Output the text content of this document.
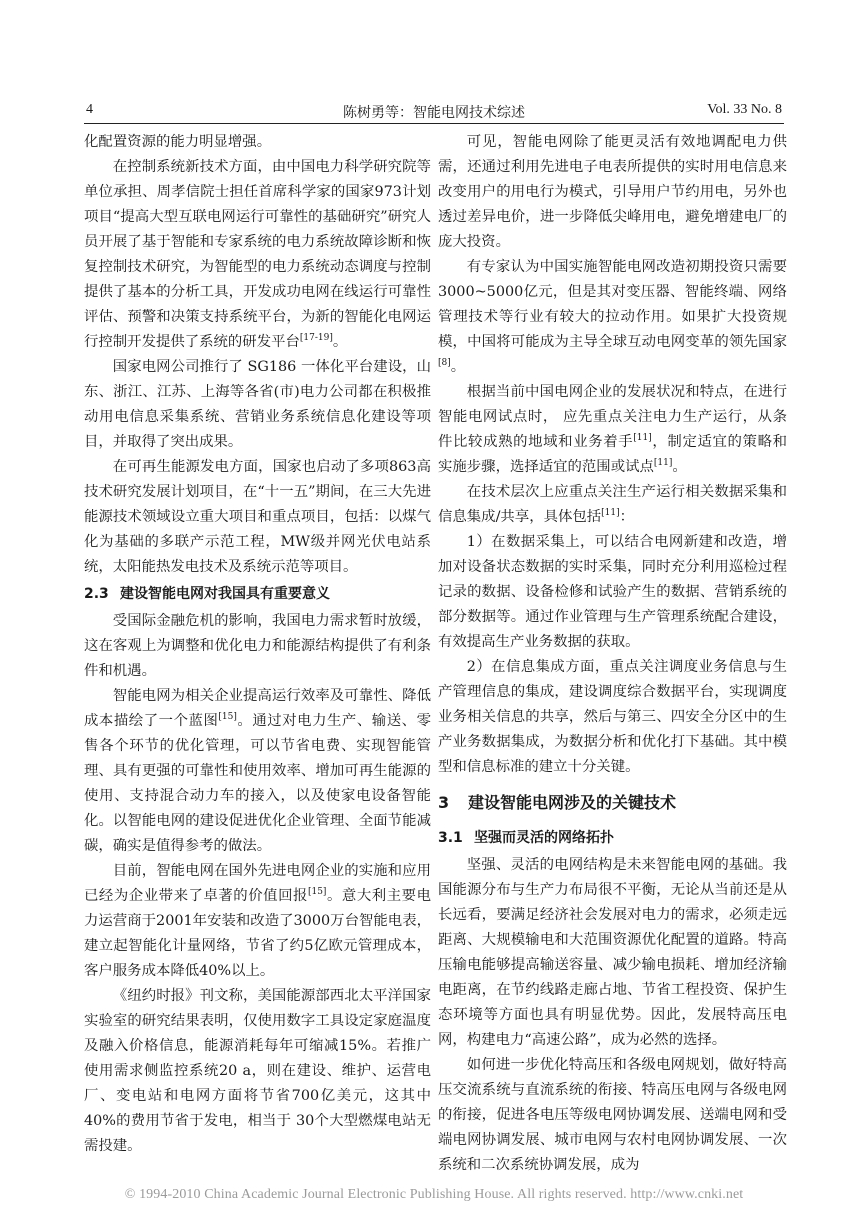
4	陈树勇等：智能电网技术综述	Vol. 33 No. 8

化配置资源的能力明显增强。

在控制系统新技术方面，由中国电力科学研究院等单位承担、周孝信院士担任首席科学家的国家973计划项目“提高大型互联电网运行可靠性的基础研究”研究人员开展了基于智能和专家系统的电力系统故障诊断和恢复控制技术研究，为智能型的电力系统动态调度与控制提供了基本的分析工具，开发成功电网在线运行可靠性评估、预警和决策支持系统平台，为新的智能化电网运行控制开发提供了系统的研发平台[17-19]。

国家电网公司推行了 SG186 一体化平台建设，山东、浙江、江苏、上海等各省(市)电力公司都在积极推动用电信息采集系统、营销业务系统信息化建设等项目，并取得了突出成果。

在可再生能源发电方面，国家也启动了多项863高技术研究发展计划项目，在“十一五”期间，在三大先进能源技术领域设立重大项目和重点项目，包括：以煤气化为基础的多联产示范工程，MW级并网光伏电站系统，太阳能热发电技术及系统示范等项目。

2.3 建设智能电网对我国具有重要意义

受国际金融危机的影响，我国电力需求暂时放缓，这在客观上为调整和优化电力和能源结构提供了有利条件和机遇。

智能电网为相关企业提高运行效率及可靠性、降低成本描绘了一个蓝图[15]。通过对电力生产、输送、零售各个环节的优化管理，可以节省电费、实现智能管理、具有更强的可靠性和使用效率、增加可再生能源的使用、支持混合动力车的接入，以及使家电设备智能化。以智能电网的建设促进优化企业管理、全面节能减碳，确实是值得参考的做法。

目前，智能电网在国外先进电网企业的实施和应用已经为企业带来了卓著的价值回报[15]。意大利主要电力运营商于2001年安装和改造了3000万台智能电表，建立起智能化计量网络，节省了约5亿欧元管理成本，客户服务成本降低40%以上。

《纽约时报》刊文称，美国能源部西北太平洋国家实验室的研究结果表明，仅使用数字工具设定家庭温度及融入价格信息，能源消耗每年可缩减15%。若推广使用需求侧监控系统20 a，则在建设、维护、运营电厂、变电站和电网方面将节省700亿美元，这其中 40%的费用节省于发电，相当于 30个大型燃煤电站无需投建。

可见，智能电网除了能更灵活有效地调配电力供需，还通过利用先进电子电表所提供的实时用电信息来改变用户的用电行为模式，引导用户节约用电，另外也透过差异电价，进一步降低尖峰用电，避免增建电厂的庞大投资。

有专家认为中国实施智能电网改造初期投资只需要3000~5000亿元，但是其对变压器、智能终端、网络管理技术等行业有较大的拉动作用。如果扩大投资规模，中国将可能成为主导全球互动电网变革的领先国家[8]。

根据当前中国电网企业的发展状况和特点，在进行智能电网试点时， 应先重点关注电力生产运行，从条件比较成熟的地域和业务着手[11]，制定适宜的策略和实施步骤，选择适宜的范围或试点[11]。

在技术层次上应重点关注生产运行相关数据采集和信息集成/共享，具体包括[11]：

1）在数据采集上，可以结合电网新建和改造，增加对设备状态数据的实时采集，同时充分利用巡检过程记录的数据、设备检修和试验产生的数据、营销系统的部分数据等。通过作业管理与生产管理系统配合建设，有效提高生产业务数据的获取。

2）在信息集成方面，重点关注调度业务信息与生产管理信息的集成，建设调度综合数据平台，实现调度业务相关信息的共享，然后与第三、四安全分区中的生产业务数据集成，为数据分析和优化打下基础。其中模型和信息标准的建立十分关键。

3 建设智能电网涉及的关键技术
3.1 坚强而灵活的网络拓扑

坚强、灵活的电网结构是未来智能电网的基础。我国能源分布与生产力布局很不平衡，无论从当前还是从长远看，要满足经济社会发展对电力的需求，必须走远距离、大规模输电和大范围资源优化配置的道路。特高压输电能够提高输送容量、减少输电损耗、增加经济输电距离，在节约线路走廊占地、节省工程投资、保护生态环境等方面也具有明显优势。因此，发展特高压电网，构建电力“高速公路”，成为必然的选择。

如何进一步优化特高压和各级电网规划，做好特高压交流系统与直流系统的衔接、特高压电网与各级电网的衔接，促进各电压等级电网协调发展、送端电网和受端电网协调发展、城市电网与农村电网协调发展、一次系统和二次系统协调发展，成为

© 1994-2010 China Academic Journal Electronic Publishing House. All rights reserved. http://www.cnki.net
